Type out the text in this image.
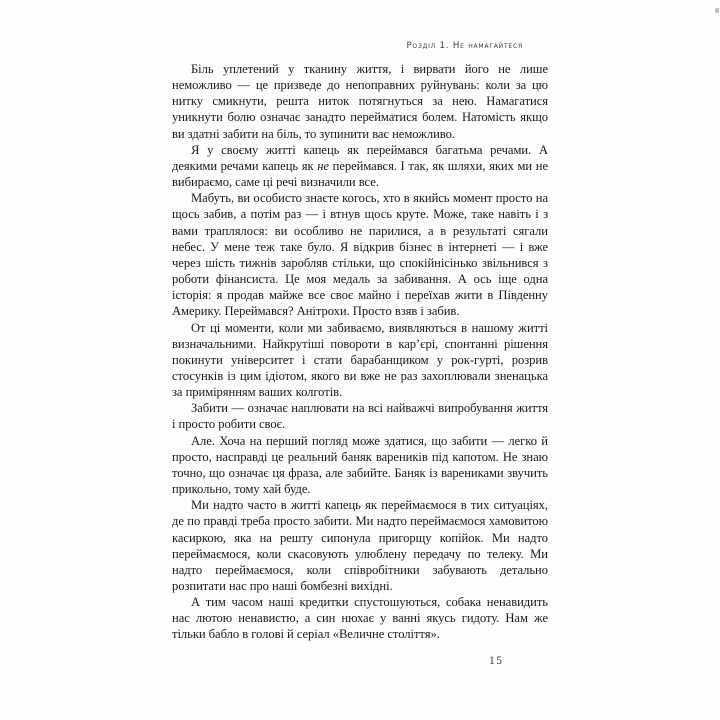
Розділ 1. Не намагайтеся

Біль уплетений у тканину життя, і вирвати його не лише неможливо — це призведе до непоправних руйнувань: коли за цю нитку смикнути, решта ниток потягнуться за нею. Намагатися уникнути болю означає занадто перейматися болем. Натомість якщо ви здатні забити на біль, то зупинити вас неможливо.

Я у своєму житті капець як переймався багатьма речами. А деякими речами капець як не переймався. І так, як шляхи, яких ми не вибираємо, саме ці речі визначили все.

Мабуть, ви особисто знаєте когось, хто в якийсь момент просто на щось забив, а потім раз — і втнув щось круте. Може, таке навіть і з вами траплялося: ви особливо не парилися, а в результаті сягали небес. У мене теж таке було. Я відкрив бізнес в інтернеті — і вже через шість тижнів заробляв стільки, що спокійнісінько звільнився з роботи фінансиста. Це моя медаль за забивання. А ось іще одна історія: я продав майже все своє майно і переїхав жити в Південну Америку. Переймався? Анітрохи. Просто взяв і забив.

От ці моменти, коли ми забиваємо, виявляються в нашому житті визначальними. Найкрутіші повороти в кар’єрі, спонтанні рішення покинути університет і стати барабанщиком у рок-гурті, розрив стосунків із цим ідіотом, якого ви вже не раз захоплювали зненацька за примірянням ваших колготів.

Забити — означає наплювати на всі найважчі випробування життя і просто робити своє.

Але. Хоча на перший погляд може здатися, що забити — легко й просто, насправді це реальний баняк вареників під капотом. Не знаю точно, що означає ця фраза, але забийте. Баняк із варениками звучить прикольно, тому хай буде.

Ми надто часто в житті капець як переймаємося в тих ситуаціях, де по правді треба просто забити. Ми надто переймаємося хамовитою касиркою, яка на решту сипонула пригорщу копійок. Ми надто переймаємося, коли скасовують улюблену передачу по телеку. Ми надто переймаємося, коли співробітники забувають детально розпитати нас про наші бомбезні вихідні.

А тим часом наші кредитки спустошуються, собака ненавидить нас лютою ненавистю, а син нюхає у ванні якусь гидоту. Нам же тільки бабло в голові й серіал «Величне століття».

15
